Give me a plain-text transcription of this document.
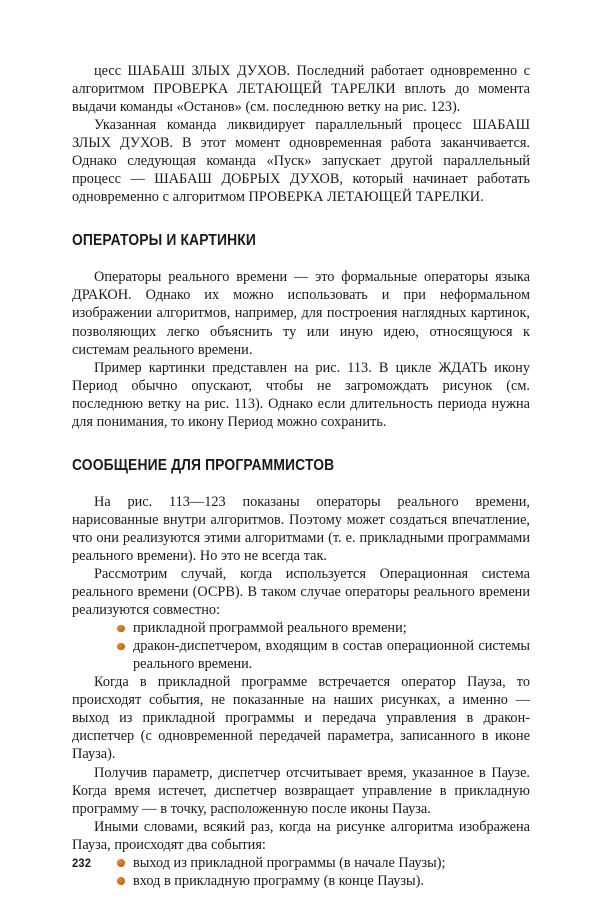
цесс ШАБАШ ЗЛЫХ ДУХОВ. Последний работает одновременно с алгоритмом ПРОВЕРКА ЛЕТАЮЩЕЙ ТАРЕЛКИ вплоть до момента выдачи команды «Останов» (см. последнюю ветку на рис. 123).

Указанная команда ликвидирует параллельный процесс ШАБАШ ЗЛЫХ ДУХОВ. В этот момент одновременная работа заканчивается. Однако следующая команда «Пуск» запускает другой параллельный процесс — ШАБАШ ДОБРЫХ ДУХОВ, который начинает работать одновременно с алгоритмом ПРОВЕРКА ЛЕТАЮЩЕЙ ТАРЕЛКИ.

ОПЕРАТОРЫ И КАРТИНКИ

Операторы реального времени — это формальные операторы языка ДРАКОН. Однако их можно использовать и при неформальном изображении алгоритмов, например, для построения наглядных картинок, позволяющих легко объяснить ту или иную идею, относящуюся к системам реального времени.

Пример картинки представлен на рис. 113. В цикле ЖДАТЬ икону Период обычно опускают, чтобы не загромождать рисунок (см. последнюю ветку на рис. 113). Однако если длительность периода нужна для понимания, то икону Период можно сохранить.

СООБЩЕНИЕ ДЛЯ ПРОГРАММИСТОВ

На рис. 113—123 показаны операторы реального времени, нарисованные внутри алгоритмов. Поэтому может создаться впечатление, что они реализуются этими алгоритмами (т. е. прикладными программами реального времени). Но это не всегда так.

Рассмотрим случай, когда используется Операционная система реального времени (ОСРВ). В таком случае операторы реального времени реализуются совместно:

прикладной программой реального времени;
дракон-диспетчером, входящим в состав операционной системы реального времени.

Когда в прикладной программе встречается оператор Пауза, то происходят события, не показанные на наших рисунках, а именно — выход из прикладной программы и передача управления в дракон-диспетчер (с одновременной передачей параметра, записанного в иконе Пауза).

Получив параметр, диспетчер отсчитывает время, указанное в Паузе. Когда время истечет, диспетчер возвращает управление в прикладную программу — в точку, расположенную после иконы Пауза.

Иными словами, всякий раз, когда на рисунке алгоритма изображена Пауза, происходят два события:

выход из прикладной программы (в начале Паузы);
вход в прикладную программу (в конце Паузы).
232
